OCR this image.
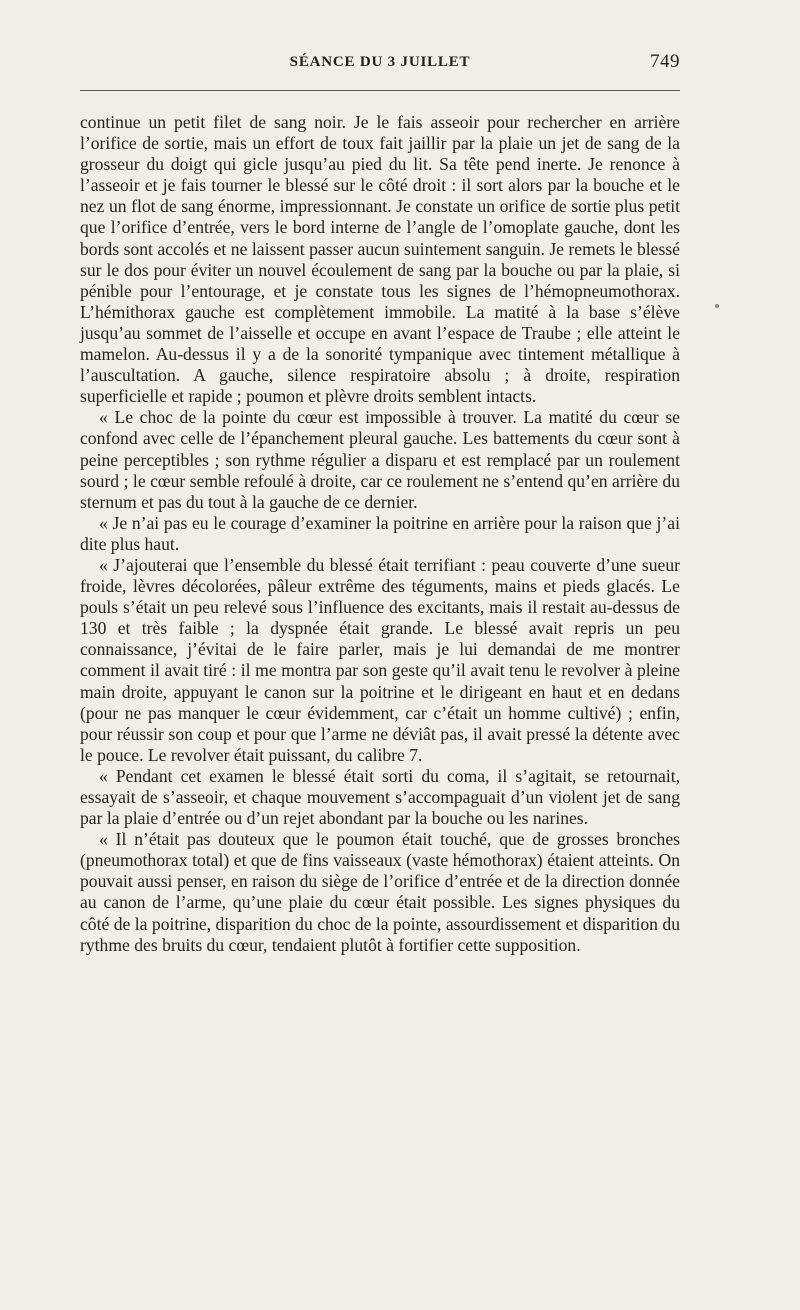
SÉANCE DU 3 JUILLET	749

continue un petit filet de sang noir. Je le fais asseoir pour rechercher en arrière l’orifice de sortie, mais un effort de toux fait jaillir par la plaie un jet de sang de la grosseur du doigt qui gicle jusqu’au pied du lit. Sa tête pend inerte. Je renonce à l’asseoir et je fais tourner le blessé sur le côté droit : il sort alors par la bouche et le nez un flot de sang énorme, impressionnant. Je constate un orifice de sortie plus petit que l’orifice d’entrée, vers le bord interne de l’angle de l’omoplate gauche, dont les bords sont accolés et ne laissent passer aucun suintement sanguin. Je remets le blessé sur le dos pour éviter un nouvel écoulement de sang par la bouche ou par la plaie, si pénible pour l’entourage, et je constate tous les signes de l’hémopneumothorax. L’hémithorax gauche est complètement immobile. La matité à la base s’élève jusqu’au sommet de l’aisselle et occupe en avant l’espace de Traube ; elle atteint le mamelon. Au-dessus il y a de la sonorité tympanique avec tintement métallique à l’auscultation. A gauche, silence respiratoire absolu ; à droite, respiration superficielle et rapide ; poumon et plèvre droits semblent intacts.

« Le choc de la pointe du cœur est impossible à trouver. La matité du cœur se confond avec celle de l’épanchement pleural gauche. Les battements du cœur sont à peine perceptibles ; son rythme régulier a disparu et est remplacé par un roulement sourd ; le cœur semble refoulé à droite, car ce roulement ne s’entend qu’en arrière du sternum et pas du tout à la gauche de ce dernier.

« Je n’ai pas eu le courage d’examiner la poitrine en arrière pour la raison que j’ai dite plus haut.

« J’ajouterai que l’ensemble du blessé était terrifiant : peau couverte d’une sueur froide, lèvres décolorées, pâleur extrême des téguments, mains et pieds glacés. Le pouls s’était un peu relevé sous l’influence des excitants, mais il restait au-dessus de 130 et très faible ; la dyspnée était grande. Le blessé avait repris un peu connaissance, j’évitai de le faire parler, mais je lui demandai de me montrer comment il avait tiré : il me montra par son geste qu’il avait tenu le revolver à pleine main droite, appuyant le canon sur la poitrine et le dirigeant en haut et en dedans (pour ne pas manquer le cœur évidemment, car c’était un homme cultivé) ; enfin, pour réussir son coup et pour que l’arme ne déviât pas, il avait pressé la détente avec le pouce. Le revolver était puissant, du calibre 7.

« Pendant cet examen le blessé était sorti du coma, il s’agitait, se retournait, essayait de s’asseoir, et chaque mouvement s’accompaguait d’un violent jet de sang par la plaie d’entrée ou d’un rejet abondant par la bouche ou les narines.

« Il n’était pas douteux que le poumon était touché, que de grosses bronches (pneumothorax total) et que de fins vaisseaux (vaste hémothorax) étaient atteints. On pouvait aussi penser, en raison du siège de l’orifice d’entrée et de la direction donnée au canon de l’arme, qu’une plaie du cœur était possible. Les signes physiques du côté de la poitrine, disparition du choc de la pointe, assourdissement et disparition du rythme des bruits du cœur, tendaient plutôt à fortifier cette supposition.
